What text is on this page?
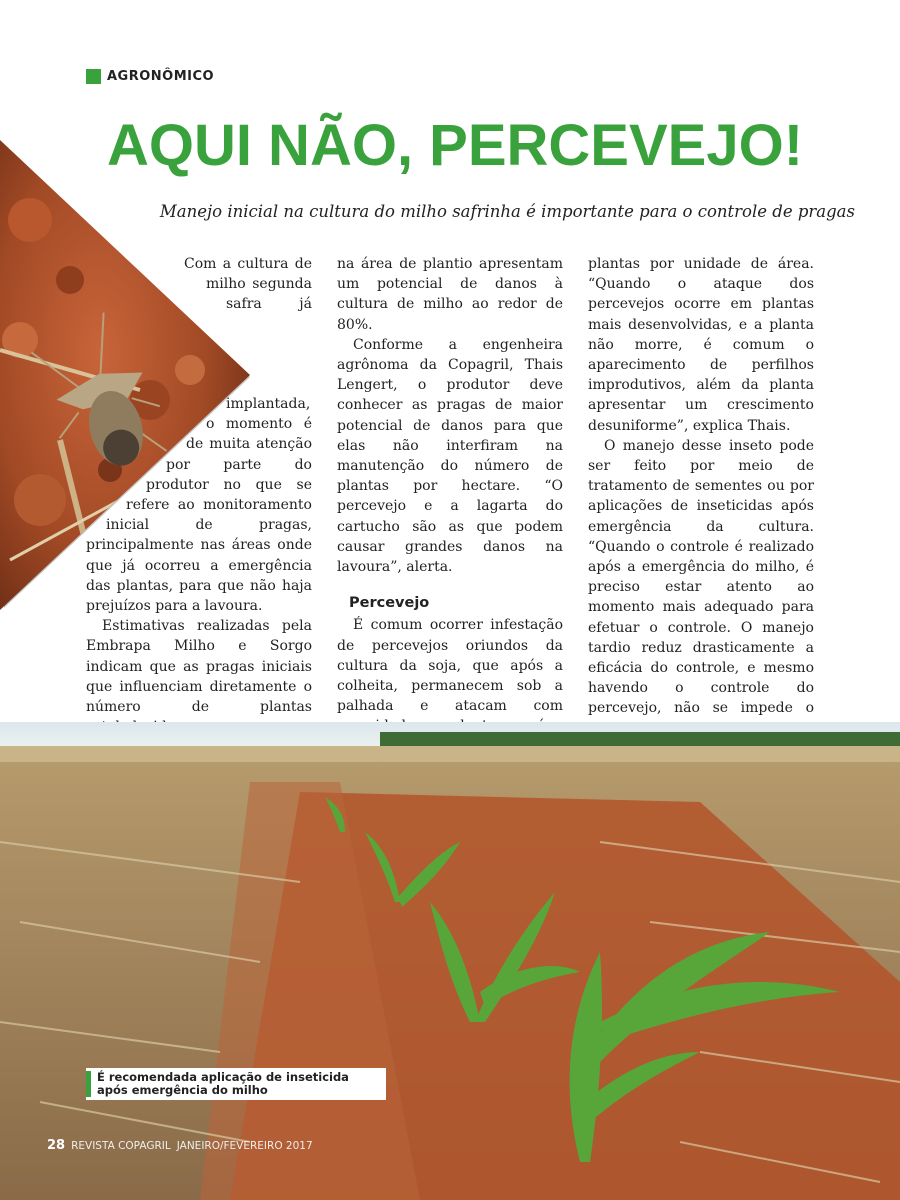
AGRONÔMICO
AQUI NÃO, PERCEVEJO!

Manejo inicial na cultura do milho safrinha é importante para o controle de pragas

Com a cultura de milho segunda safra já implantada, o momento é de muita atenção por parte do produtor no que se refere ao monitoramento inicial de pragas, principalmente nas áreas onde que já ocorreu a emergência das plantas, para que não haja prejuízos para a lavoura.

Estimativas realizadas pela Embrapa Milho e Sorgo indicam que as pragas iniciais que influenciam diretamente o número de plantas

na área de plantio apresentam um potencial de danos à cultura de milho ao redor de 80%.

Conforme a engenheira agrônoma da Copagril, Thais Lengert, o produtor deve conhecer as pragas de maior potencial de danos para que elas não interfiram na manutenção do número de plantas por hectare. “O percevejo e a lagarta do cartucho são as que podem causar grandes danos na lavoura”, alerta.

Percevejo

É comum ocorrer infestação de percevejos oriundos da cultura da soja, que após a colheita, permanecem sob a palhada e atacam com

plantas por unidade de área. “Quando o ataque dos percevejos ocorre em plantas mais desenvolvidas, e a planta não morre, é comum o aparecimento de perfilhos improdutivos, além da planta apresentar um crescimento desuniforme”, explica Thais.

O manejo desse inseto pode ser feito por meio de tratamento de sementes ou por aplicações de inseticidas após emergência da cultura. “Quando o controle é realizado após a emergência do milho, é preciso estar atento ao momento mais adequado para efetuar o controle. O manejo tardio reduz drasticamente a eficácia do controle, e mesmo havendo o controle do percevejo, não se impede o

É recomendada aplicação de inseticida após emergência do milho
28 REVISTA COPAGRIL JANEIRO/FEVEREIRO 2017
